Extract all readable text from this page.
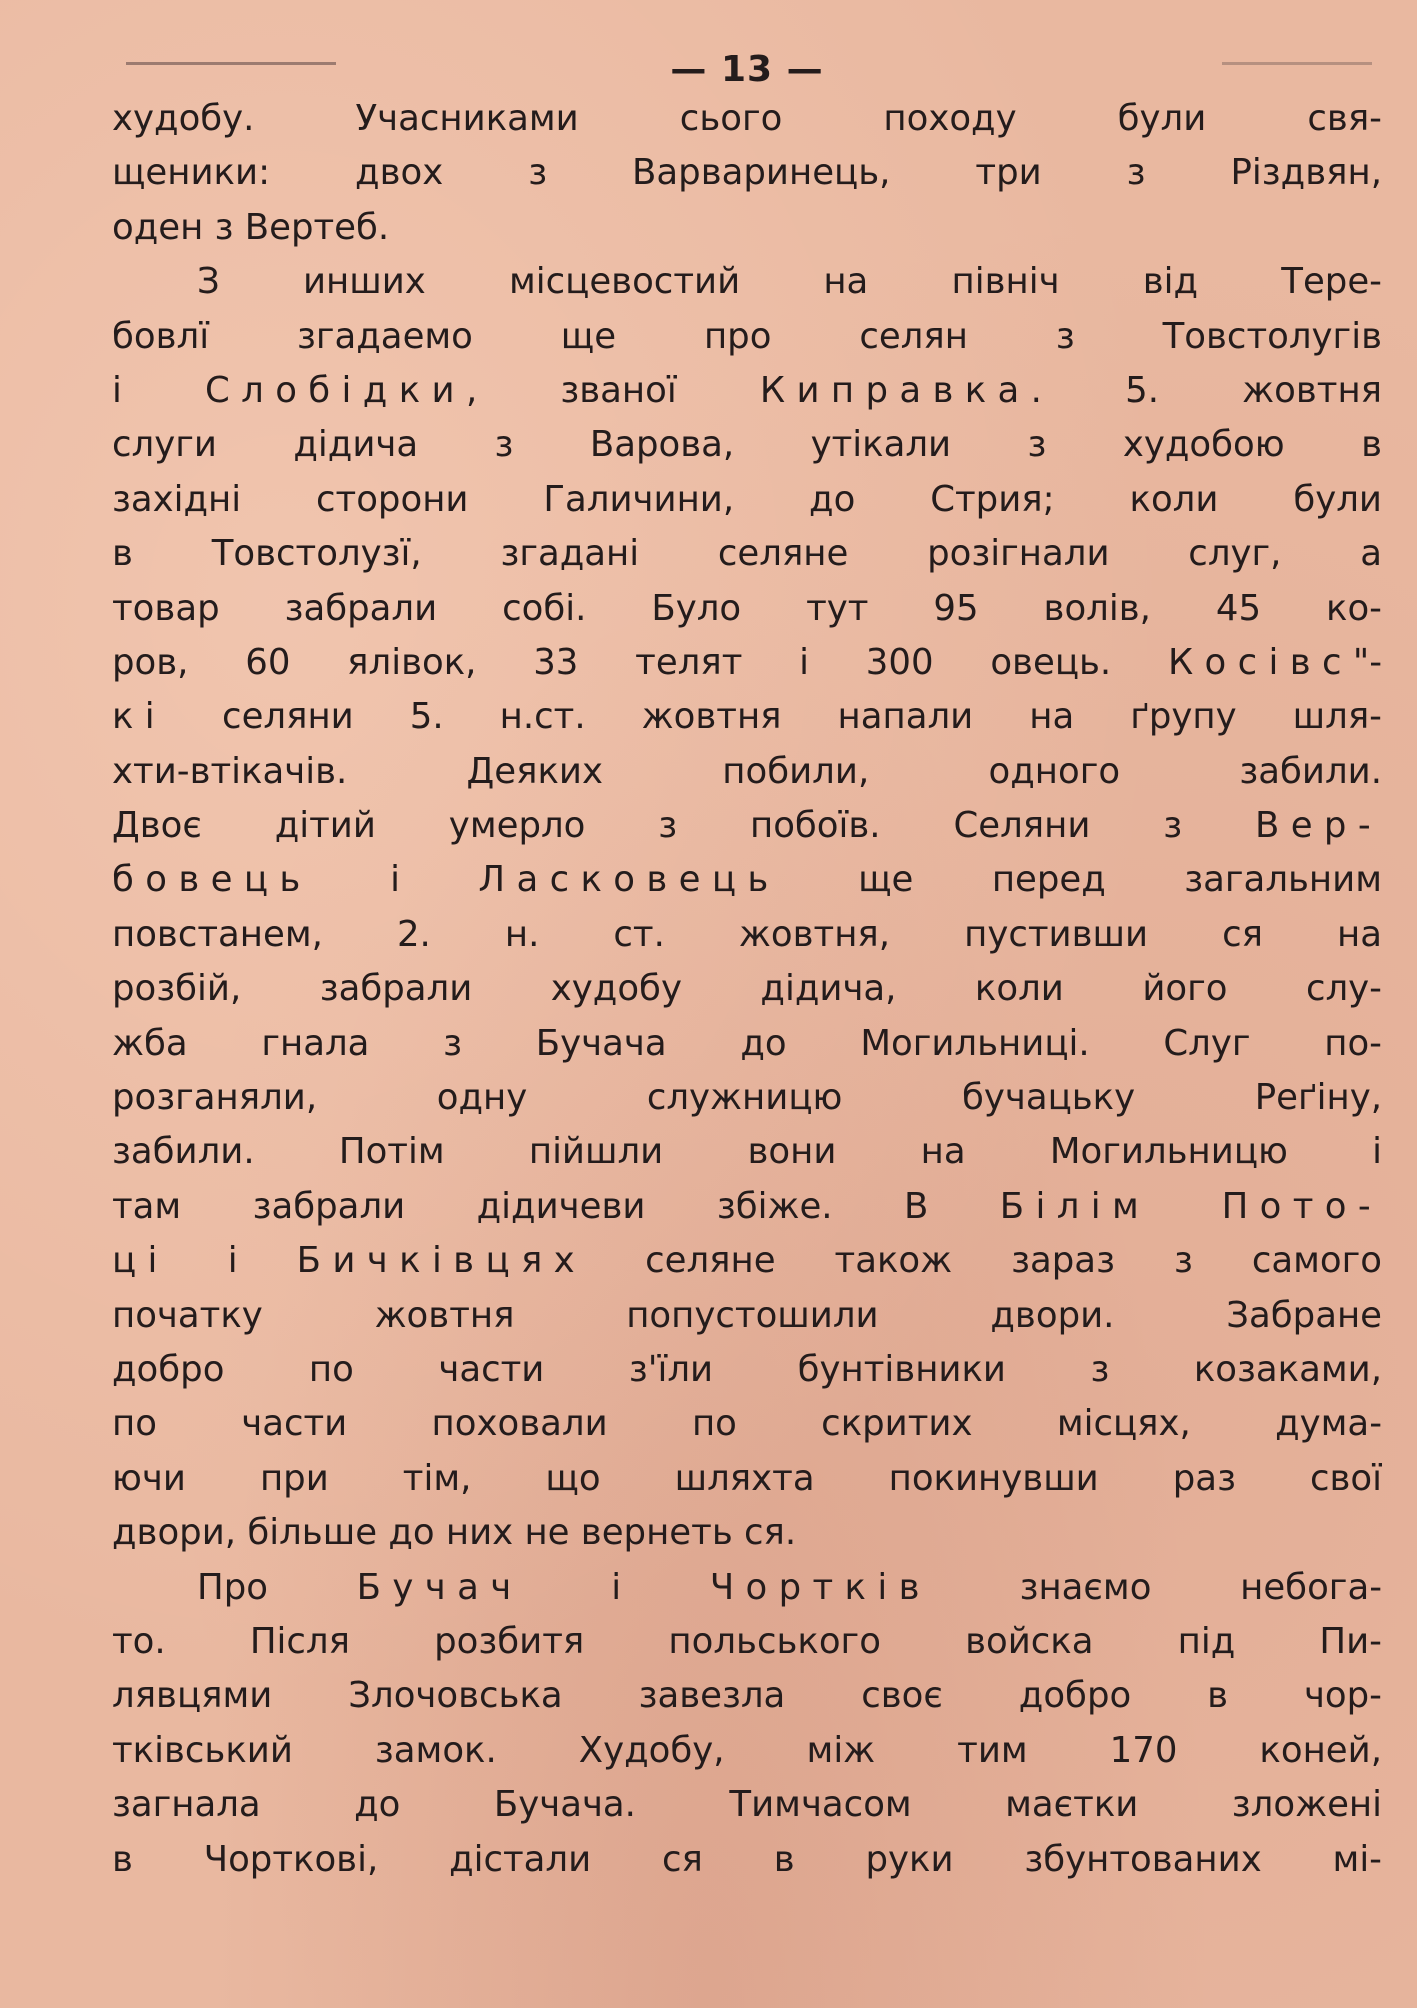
— 13 —
худобу. Учасниками сього походу були свя-
щеники: двох з Варваринець, три з Різдвян,
оден з Вертеб.
З инших місцевостий на північ від Тере-
бовлї згадаемо ще про селян з Товстолугів
і Слобідки, званої Киправка. 5. жовтня
слуги дідича з Варова, утікали з худобою в
західні сторони Галичини, до Стрия; коли були
в Товстолузї, згадані селяне розігнали слуг, а
товар забрали собі. Було тут 95 волів, 45 ко-
ров, 60 ялівок, 33 телят і 300 овець. Косівс"-
кі селяни 5. н.ст. жовтня напали на ґрупу шля-
хти-втікачів. Деяких побили, одного забили.
Двоє дітий умерло з побоїв. Селяни з Вер-
бовець і Ласковець ще перед загальним
повстанем, 2. н. ст. жовтня, пустивши ся на
розбій, забрали худобу дідича, коли його слу-
жба гнала з Бучача до Могильниці. Слуг по-
розганяли, одну служницю бучацьку Реґіну,
забили. Потім пійшли вони на Могильницю і
там забрали дідичеви збіже. В Білім Пото-
ці і Бичківцях селяне також зараз з самого
початку жовтня попустошили двори. Забране
добро по части з'їли бунтівники з козаками,
по части поховали по скритих місцях, дума-
ючи при тім, що шляхта покинувши раз свої
двори, більше до них не вернеть ся.
Про Бучач і Чортків знаємо небога-
то. Після розбитя польського войска під Пи-
лявцями Злочовська завезла своє добро в чор-
тківський замок. Худобу, між тим 170 коней,
загнала до Бучача. Тимчасом маєтки зложені
в Чорткові, дістали ся в руки збунтованих мі-
